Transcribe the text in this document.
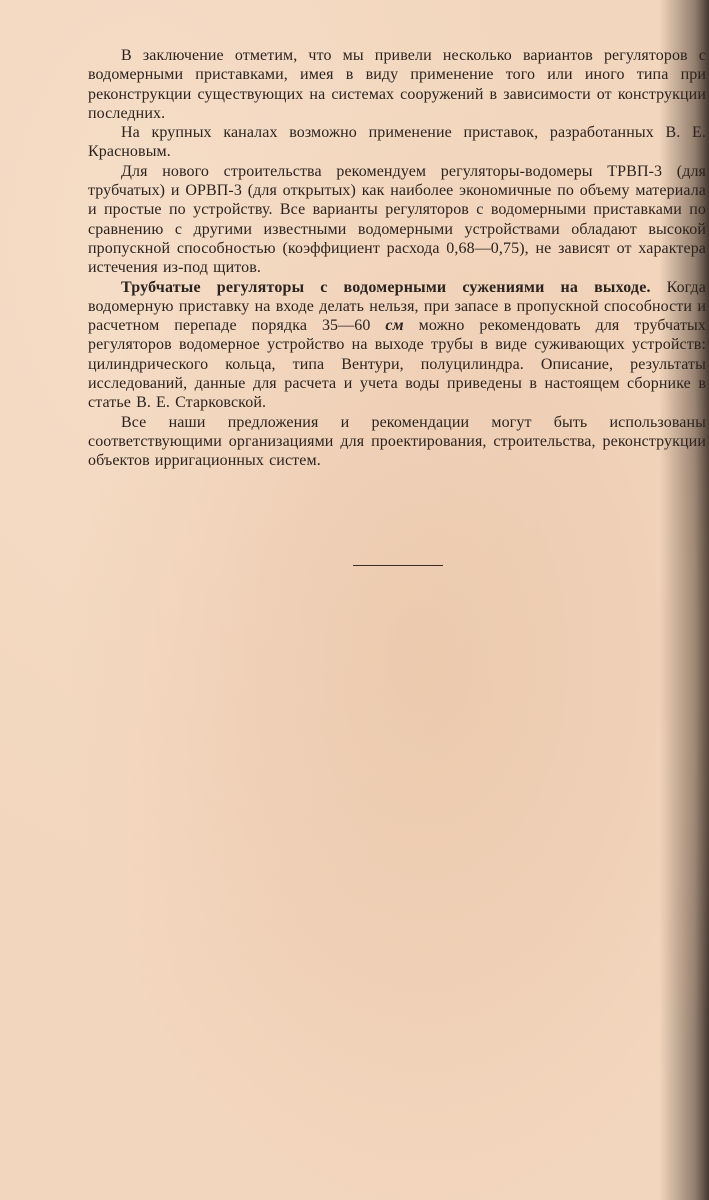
В заключение отметим, что мы привели несколько вариантов регуляторов с водомерными приставками, имея в виду применение того или иного типа при реконструкции существующих на системах сооружений в зависимости от конструкции последних.

На крупных каналах возможно применение приставок, разработанных В. Е. Красновым.

Для нового строительства рекомендуем регуляторы-водомеры ТРВП-3 (для трубчатых) и ОРВП-3 (для открытых) как наиболее экономичные по объему материала и простые по устройству. Все варианты регуляторов с водомерными приставками по сравнению с другими известными водомерными устройствами обладают высокой пропускной способностью (коэффициент расхода 0,68—0,75), не зависят от характера истечения из-под щитов.

Трубчатые регуляторы с водомерными сужениями на выходе. Когда водомерную приставку на входе делать нельзя, при запасе в пропускной способности и расчетном перепаде порядка 35—60 см можно рекомендовать для трубчатых регуляторов водомерное устройство на выходе трубы в виде суживающих устройств: цилиндрического кольца, типа Вентури, полуцилиндра. Описание, результаты исследований, данные для расчета и учета воды приведены в настоящем сборнике в статье В. Е. Старковской.

Все наши предложения и рекомендации могут быть использованы соответствующими организациями для проектирования, строительства, реконструкции объектов ирригационных систем.
